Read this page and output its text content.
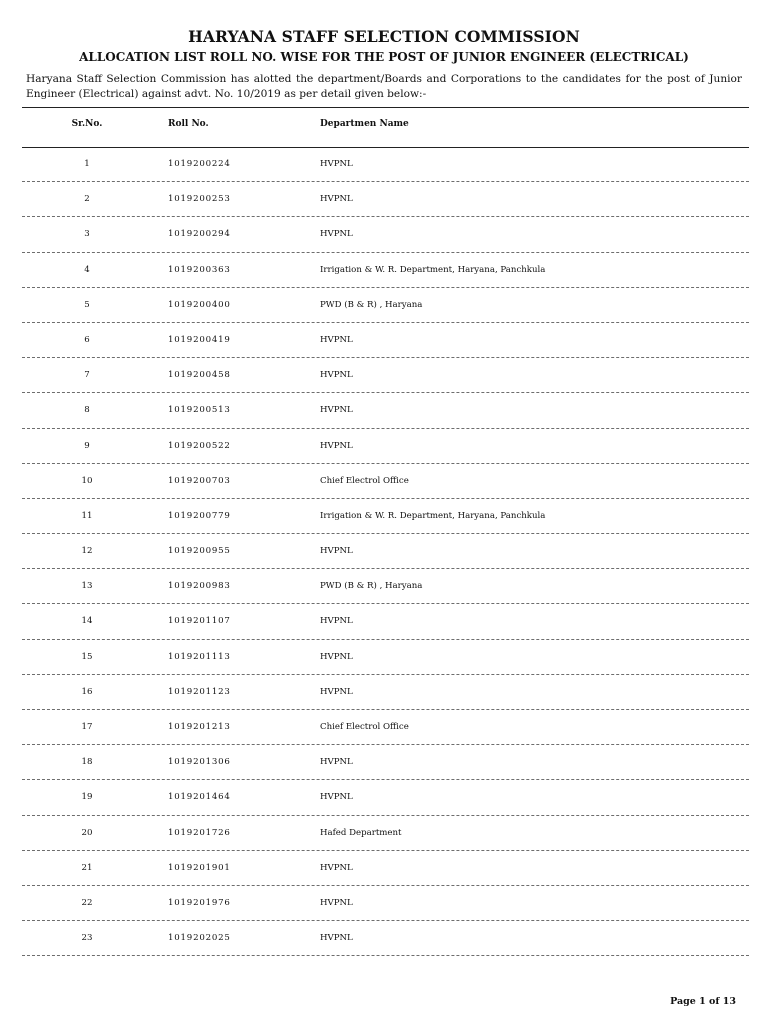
HARYANA STAFF SELECTION COMMISSION
ALLOCATION LIST ROLL NO. WISE FOR THE POST OF JUNIOR ENGINEER (ELECTRICAL)

Haryana Staff Selection Commission has alotted the department/Boards and Corporations to the candidates for the post of Junior Engineer (Electrical) against advt. No. 10/2019 as per detail given below:-

Sr.No.	Roll No.	Departmen Name
1	1019200224	HVPNL
2	1019200253	HVPNL
3	1019200294	HVPNL
4	1019200363	Irrigation & W. R. Department, Haryana, Panchkula
5	1019200400	PWD (B & R) , Haryana
6	1019200419	HVPNL
7	1019200458	HVPNL
8	1019200513	HVPNL
9	1019200522	HVPNL
10	1019200703	Chief Electrol Office
11	1019200779	Irrigation & W. R. Department, Haryana, Panchkula
12	1019200955	HVPNL
13	1019200983	PWD (B & R) , Haryana
14	1019201107	HVPNL
15	1019201113	HVPNL
16	1019201123	HVPNL
17	1019201213	Chief Electrol Office
18	1019201306	HVPNL
19	1019201464	HVPNL
20	1019201726	Hafed Department
21	1019201901	HVPNL
22	1019201976	HVPNL
23	1019202025	HVPNL
Page 1 of 13
